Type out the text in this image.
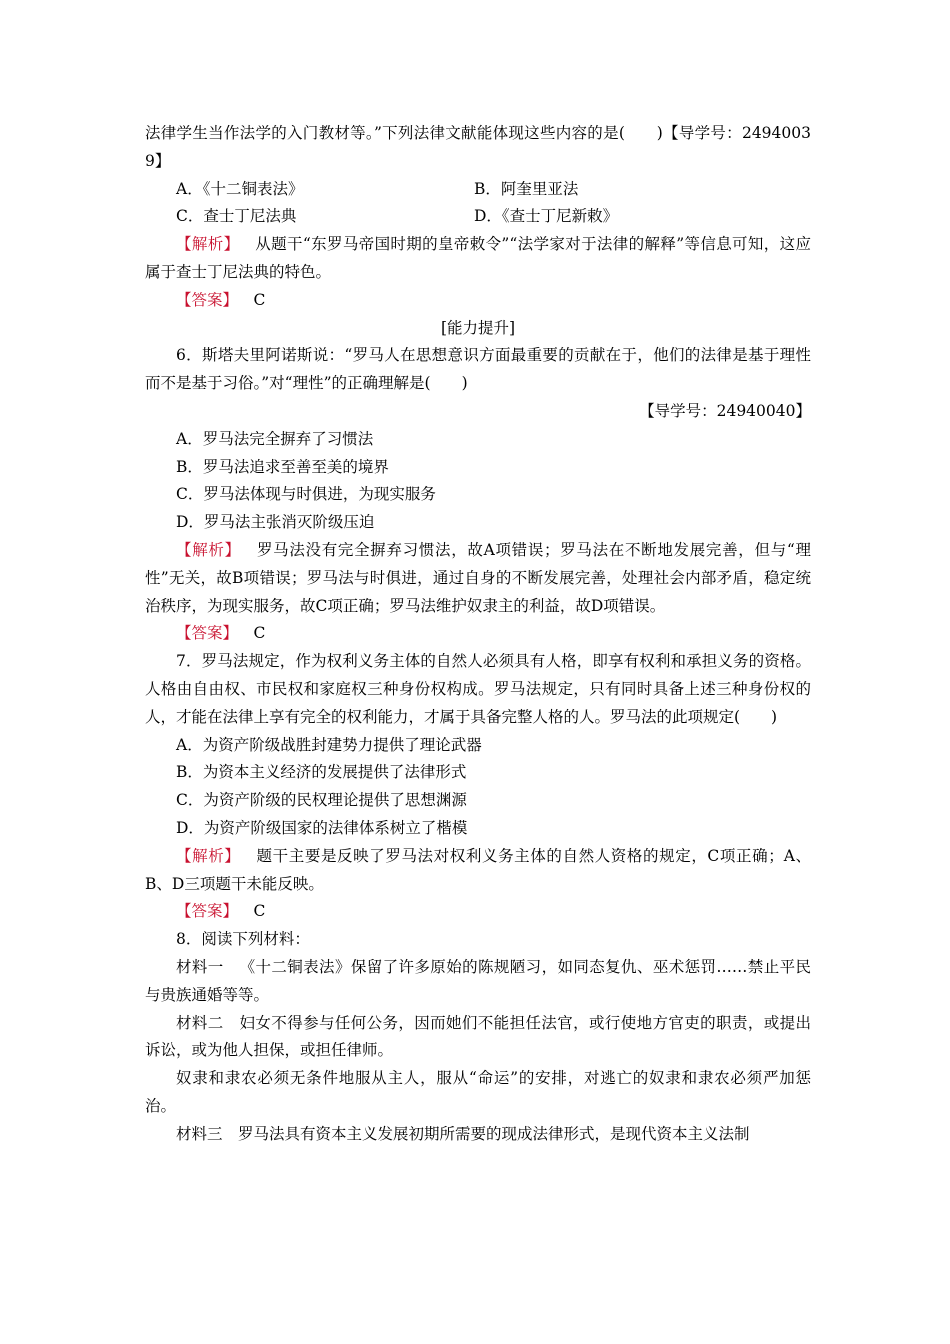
法律学生当作法学的入门教材等。”下列法律文献能体现这些内容的是(　　)【导学号：24940039】

A．《十二铜表法》	B．阿奎里亚法
C．查士丁尼法典	D．《查士丁尼新敕》

【解析】 从题干“东罗马帝国时期的皇帝敕令”“法学家对于法律的解释”等信息可知，这应属于查士丁尼法典的特色。

【答案】 C

[能力提升]

6．斯塔夫里阿诺斯说：“罗马人在思想意识方面最重要的贡献在于，他们的法律是基于理性而不是基于习俗。”对“理性”的正确理解是(　　)

【导学号：24940040】

A．罗马法完全摒弃了习惯法

B．罗马法追求至善至美的境界

C．罗马法体现与时俱进，为现实服务

D．罗马法主张消灭阶级压迫

【解析】 罗马法没有完全摒弃习惯法，故A项错误；罗马法在不断地发展完善，但与“理性”无关，故B项错误；罗马法与时俱进，通过自身的不断发展完善，处理社会内部矛盾，稳定统治秩序，为现实服务，故C项正确；罗马法维护奴隶主的利益，故D项错误。

【答案】 C

7．罗马法规定，作为权利义务主体的自然人必须具有人格，即享有权利和承担义务的资格。人格由自由权、市民权和家庭权三种身份权构成。罗马法规定，只有同时具备上述三种身份权的人，才能在法律上享有完全的权利能力，才属于具备完整人格的人。罗马法的此项规定(　　)

A．为资产阶级战胜封建势力提供了理论武器

B．为资本主义经济的发展提供了法律形式

C．为资产阶级的民权理论提供了思想渊源

D．为资产阶级国家的法律体系树立了楷模

【解析】 题干主要是反映了罗马法对权利义务主体的自然人资格的规定，C项正确；A、B、D三项题干未能反映。

【答案】 C

8．阅读下列材料：

材料一 《十二铜表法》保留了许多原始的陈规陋习，如同态复仇、巫术惩罚……禁止平民与贵族通婚等等。

材料二 妇女不得参与任何公务，因而她们不能担任法官，或行使地方官吏的职责，或提出诉讼，或为他人担保，或担任律师。

奴隶和隶农必须无条件地服从主人，服从“命运”的安排，对逃亡的奴隶和隶农必须严加惩治。

材料三 罗马法具有资本主义发展初期所需要的现成法律形式，是现代资本主义法制
